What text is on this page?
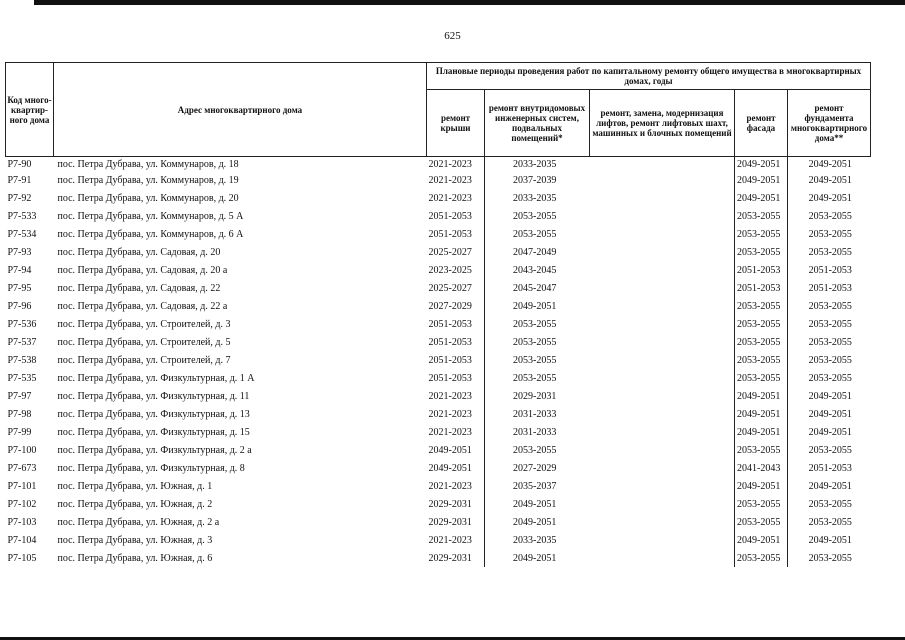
625
Код много-квартир-ного дома	Адрес многоквартирного дома	Плановые периоды проведения работ по капитальному ремонту общего имущества в многоквартирных домах, годы				
		ремонт крыши	ремонт внутридомовых инженерных систем, подвальных помещений*	ремонт, замена, модернизация лифтов, ремонт лифтовых шахт, машинных и блочных помещений	ремонт фасада	ремонт фундамента многоквартирного дома**
Р7-90	пос. Петра Дубрава, ул. Коммунаров, д. 18	2021-2023	2033-2035		2049-2051	2049-2051
Р7-91	пос. Петра Дубрава, ул. Коммунаров, д. 19	2021-2023	2037-2039		2049-2051	2049-2051
Р7-92	пос. Петра Дубрава, ул. Коммунаров, д. 20	2021-2023	2033-2035		2049-2051	2049-2051
Р7-533	пос. Петра Дубрава, ул. Коммунаров, д. 5 А	2051-2053	2053-2055		2053-2055	2053-2055
Р7-534	пос. Петра Дубрава, ул. Коммунаров, д. 6 А	2051-2053	2053-2055		2053-2055	2053-2055
Р7-93	пос. Петра Дубрава, ул. Садовая, д. 20	2025-2027	2047-2049		2053-2055	2053-2055
Р7-94	пос. Петра Дубрава, ул. Садовая, д. 20 а	2023-2025	2043-2045		2051-2053	2051-2053
Р7-95	пос. Петра Дубрава, ул. Садовая, д. 22	2025-2027	2045-2047		2051-2053	2051-2053
Р7-96	пос. Петра Дубрава, ул. Садовая, д. 22 а	2027-2029	2049-2051		2053-2055	2053-2055
Р7-536	пос. Петра Дубрава, ул. Строителей, д. 3	2051-2053	2053-2055		2053-2055	2053-2055
Р7-537	пос. Петра Дубрава, ул. Строителей, д. 5	2051-2053	2053-2055		2053-2055	2053-2055
Р7-538	пос. Петра Дубрава, ул. Строителей, д. 7	2051-2053	2053-2055		2053-2055	2053-2055
Р7-535	пос. Петра Дубрава, ул. Физкультурная, д. 1 А	2051-2053	2053-2055		2053-2055	2053-2055
Р7-97	пос. Петра Дубрава, ул. Физкультурная, д. 11	2021-2023	2029-2031		2049-2051	2049-2051
Р7-98	пос. Петра Дубрава, ул. Физкультурная, д. 13	2021-2023	2031-2033		2049-2051	2049-2051
Р7-99	пос. Петра Дубрава, ул. Физкультурная, д. 15	2021-2023	2031-2033		2049-2051	2049-2051
Р7-100	пос. Петра Дубрава, ул. Физкультурная, д. 2 а	2049-2051	2053-2055		2053-2055	2053-2055
Р7-673	пос. Петра Дубрава, ул. Физкультурная, д. 8	2049-2051	2027-2029		2041-2043	2051-2053
Р7-101	пос. Петра Дубрава, ул. Южная, д. 1	2021-2023	2035-2037		2049-2051	2049-2051
Р7-102	пос. Петра Дубрава, ул. Южная, д. 2	2029-2031	2049-2051		2053-2055	2053-2055
Р7-103	пос. Петра Дубрава, ул. Южная, д. 2 а	2029-2031	2049-2051		2053-2055	2053-2055
Р7-104	пос. Петра Дубрава, ул. Южная, д. 3	2021-2023	2033-2035		2049-2051	2049-2051
Р7-105	пос. Петра Дубрава, ул. Южная, д. 6	2029-2031	2049-2051		2053-2055	2053-2055
